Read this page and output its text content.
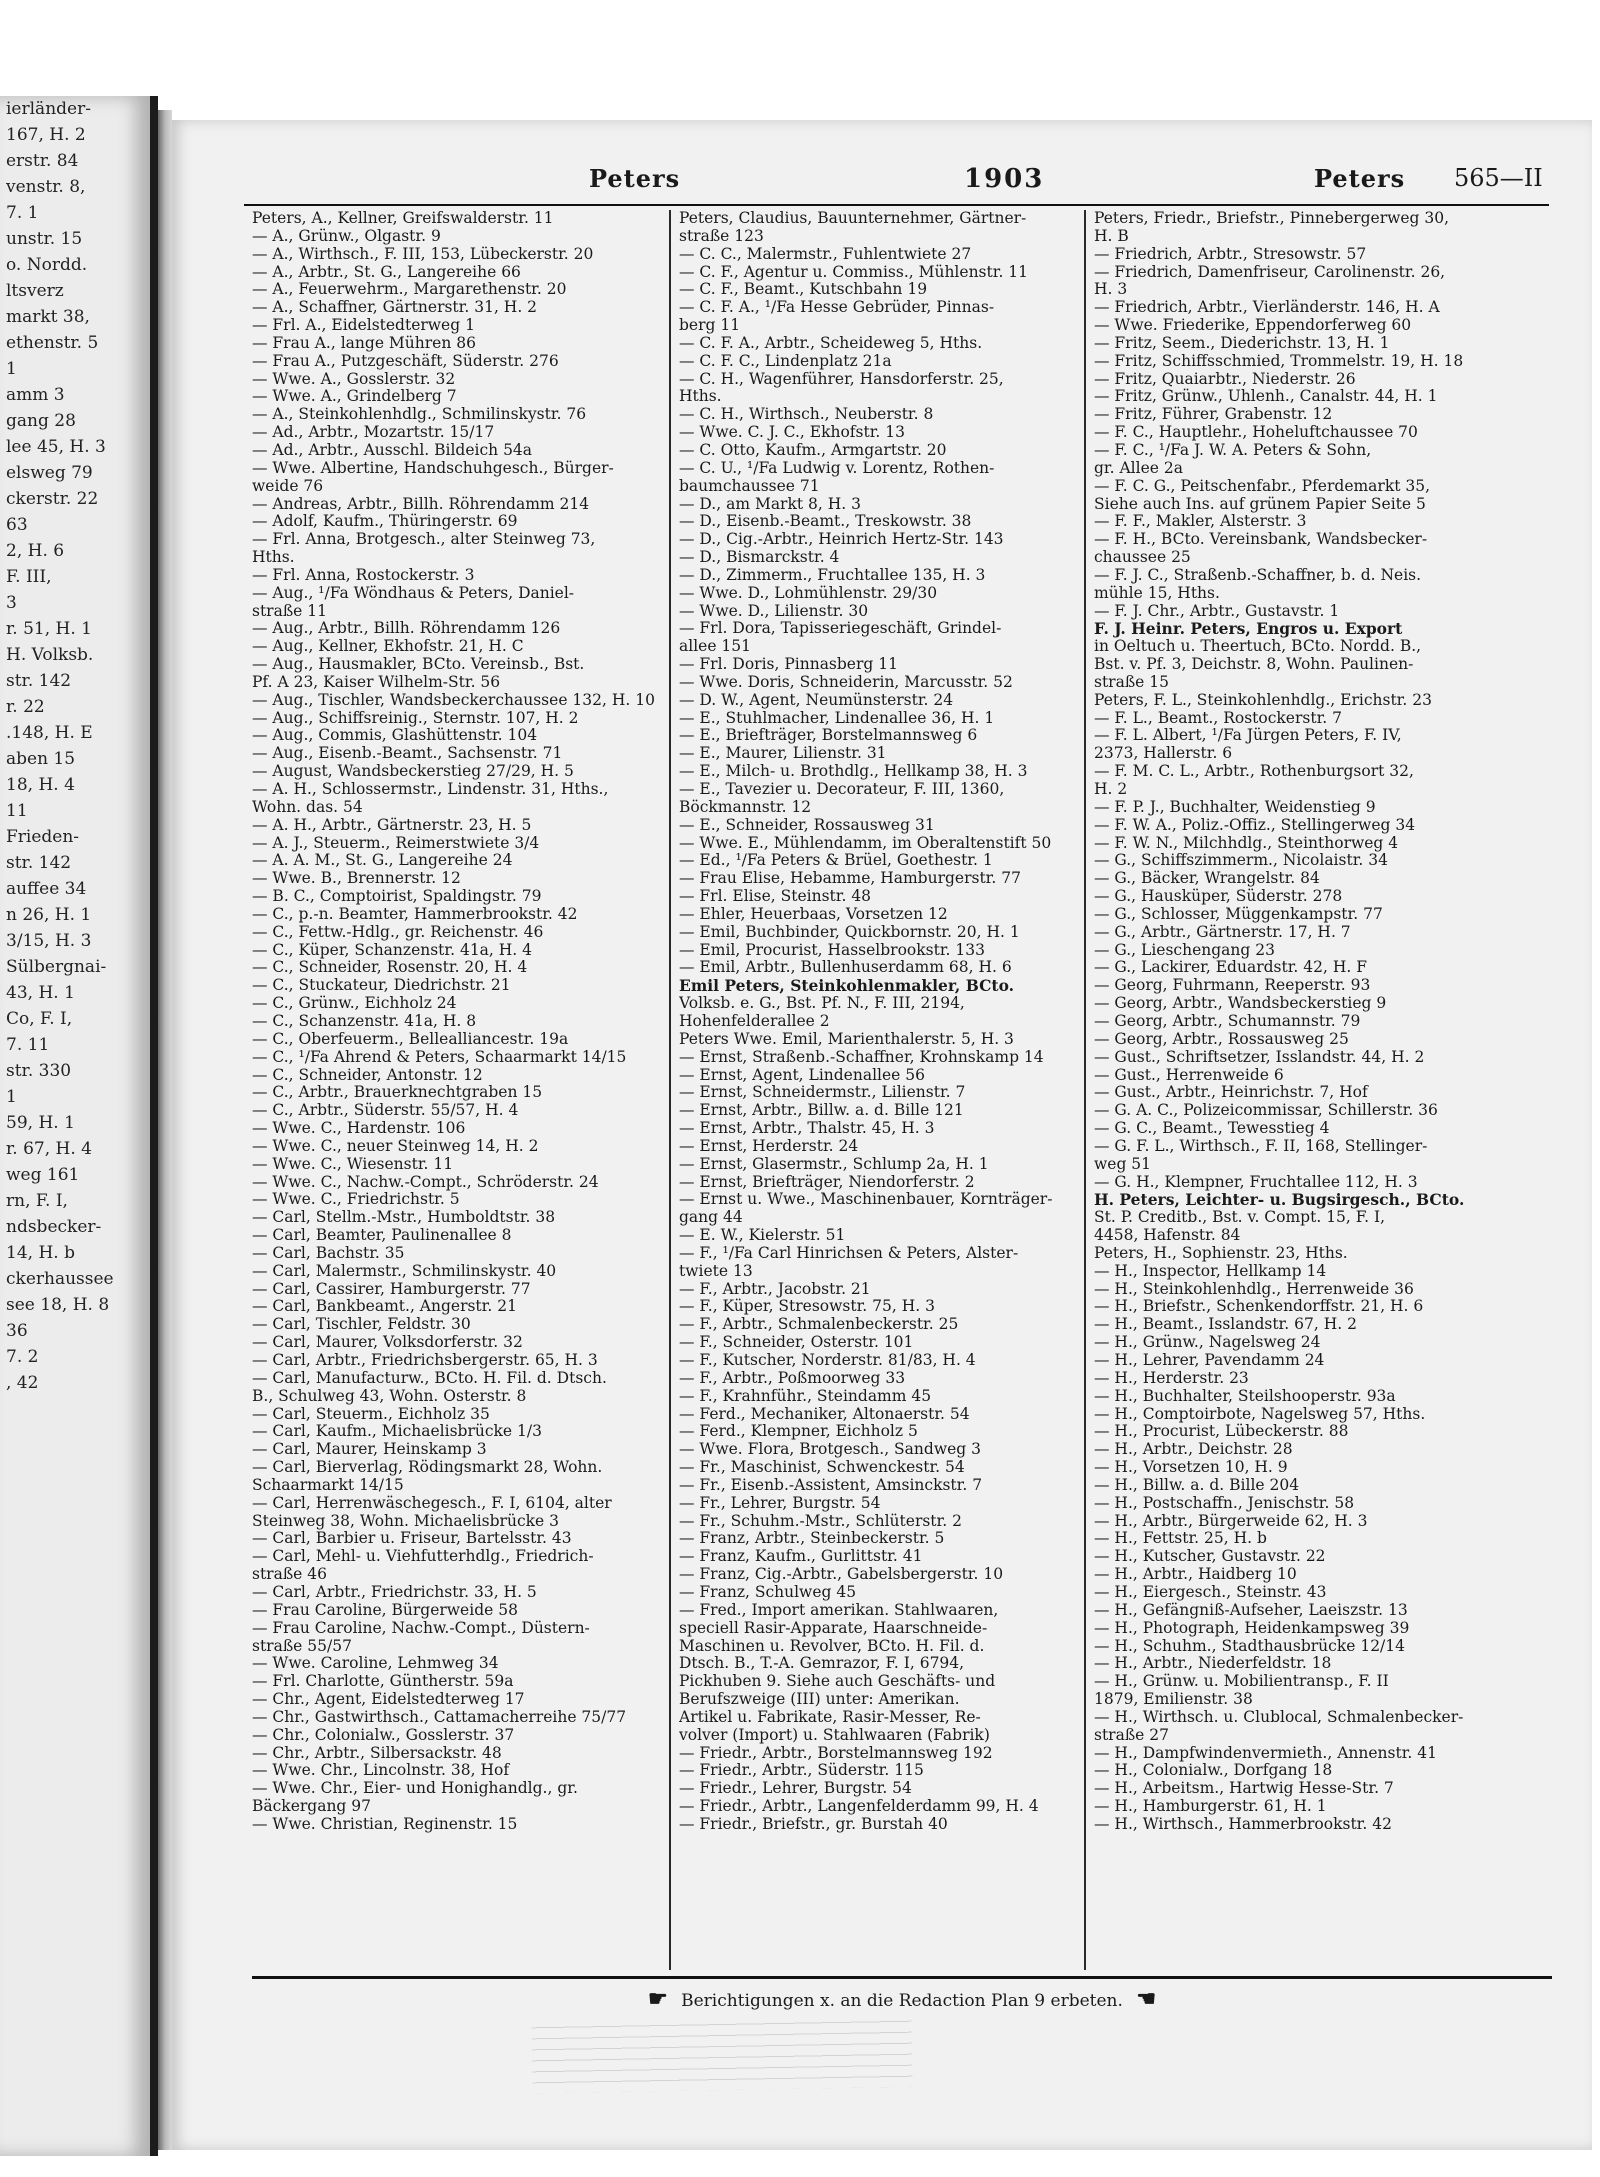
ierländer-
167, H. 2
erstr. 84
venstr. 8,
7. 1
unstr. 15
o. Nordd.
ltsverz
markt 38,
ethenstr. 5
1
amm 3
gang 28
lee 45, H. 3
elsweg 79
ckerstr. 22
63
2, H. 6
F. III,
3
r. 51, H. 1
H. Volksb.
str. 142
r. 22
.148, H. E
aben 15
18, H. 4
11
Frieden-
str. 142
auffee 34
n 26, H. 1
3/15, H. 3
Sülbergnai-
43, H. 1
Co, F. I,
7. 11
str. 330
1
59, H. 1
r. 67, H. 4
weg 161
rn, F. I,
ndsbecker-
14, H. b
ckerhaussee
see 18, H. 8
36
7. 2
, 42
Peters	1903	Peters 565—II
Peters, A., Kellner, Greifswalderstr. 11
— A., Grünw., Olgastr. 9
— A., Wirthsch., F. III, 153, Lübeckerstr. 20
— A., Arbtr., St. G., Langereihe 66
— A., Feuerwehrm., Margarethenstr. 20
— A., Schaffner, Gärtnerstr. 31, H. 2
— Frl. A., Eidelstedterweg 1
— Frau A., lange Mühren 86
— Frau A., Putzgeschäft, Süderstr. 276
— Wwe. A., Gosslerstr. 32
— Wwe. A., Grindelberg 7
— A., Steinkohlenhdlg., Schmilinskystr. 76
— Ad., Arbtr., Mozartstr. 15/17
— Ad., Arbtr., Ausschl. Bildeich 54a
— Wwe. Albertine, Handschuhgesch., Bürger-
weide 76
— Andreas, Arbtr., Billh. Röhrendamm 214
— Adolf, Kaufm., Thüringerstr. 69
— Frl. Anna, Brotgesch., alter Steinweg 73,
Hths.
— Frl. Anna, Rostockerstr. 3
— Aug., ¹/Fa Wöndhaus & Peters, Daniel-
straße 11
— Aug., Arbtr., Billh. Röhrendamm 126
— Aug., Kellner, Ekhofstr. 21, H. C
— Aug., Hausmakler, BCto. Vereinsb., Bst.
Pf. A 23, Kaiser Wilhelm-Str. 56
— Aug., Tischler, Wandsbeckerchaussee 132, H. 10
— Aug., Schiffsreinig., Sternstr. 107, H. 2
— Aug., Commis, Glashüttenstr. 104
— Aug., Eisenb.-Beamt., Sachsenstr. 71
— August, Wandsbeckerstieg 27/29, H. 5
— A. H., Schlossermstr., Lindenstr. 31, Hths.,
Wohn. das. 54
— A. H., Arbtr., Gärtnerstr. 23, H. 5
— A. J., Steuerm., Reimerstwiete 3/4
— A. A. M., St. G., Langereihe 24
— Wwe. B., Brennerstr. 12
— B. C., Comptoirist, Spaldingstr. 79
— C., p.-n. Beamter, Hammerbrookstr. 42
— C., Fettw.-Hdlg., gr. Reichenstr. 46
— C., Küper, Schanzenstr. 41a, H. 4
— C., Schneider, Rosenstr. 20, H. 4
— C., Stuckateur, Diedrichstr. 21
— C., Grünw., Eichholz 24
— C., Schanzenstr. 41a, H. 8
— C., Oberfeuerm., Bellealliancestr. 19a
— C., ¹/Fa Ahrend & Peters, Schaarmarkt 14/15
— C., Schneider, Antonstr. 12
— C., Arbtr., Brauerknechtgraben 15
— C., Arbtr., Süderstr. 55/57, H. 4
— Wwe. C., Hardenstr. 106
— Wwe. C., neuer Steinweg 14, H. 2
— Wwe. C., Wiesenstr. 11
— Wwe. C., Nachw.-Compt., Schröderstr. 24
— Wwe. C., Friedrichstr. 5
— Carl, Stellm.-Mstr., Humboldtstr. 38
— Carl, Beamter, Paulinenallee 8
— Carl, Bachstr. 35
— Carl, Malermstr., Schmilinskystr. 40
— Carl, Cassirer, Hamburgerstr. 77
— Carl, Bankbeamt., Angerstr. 21
— Carl, Tischler, Feldstr. 30
— Carl, Maurer, Volksdorferstr. 32
— Carl, Arbtr., Friedrichsbergerstr. 65, H. 3
— Carl, Manufacturw., BCto. H. Fil. d. Dtsch.
B., Schulweg 43, Wohn. Osterstr. 8
— Carl, Steuerm., Eichholz 35
— Carl, Kaufm., Michaelisbrücke 1/3
— Carl, Maurer, Heinskamp 3
— Carl, Bierverlag, Rödingsmarkt 28, Wohn.
Schaarmarkt 14/15
— Carl, Herrenwäschegesch., F. I, 6104, alter
Steinweg 38, Wohn. Michaelisbrücke 3
— Carl, Barbier u. Friseur, Bartelsstr. 43
— Carl, Mehl- u. Viehfutterhdlg., Friedrich-
straße 46
— Carl, Arbtr., Friedrichstr. 33, H. 5
— Frau Caroline, Bürgerweide 58
— Frau Caroline, Nachw.-Compt., Düstern-
straße 55/57
— Wwe. Caroline, Lehmweg 34
— Frl. Charlotte, Güntherstr. 59a
— Chr., Agent, Eidelstedterweg 17
— Chr., Gastwirthsch., Cattamacherreihe 75/77
— Chr., Colonialw., Gosslerstr. 37
— Chr., Arbtr., Silbersackstr. 48
— Wwe. Chr., Lincolnstr. 38, Hof
— Wwe. Chr., Eier- und Honighandlg., gr.
Bäckergang 97
— Wwe. Christian, Reginenstr. 15
Peters, Claudius, Bauunternehmer, Gärtner-
straße 123
— C. C., Malermstr., Fuhlentwiete 27
— C. F., Agentur u. Commiss., Mühlenstr. 11
— C. F., Beamt., Kutschbahn 19
— C. F. A., ¹/Fa Hesse Gebrüder, Pinnas-
berg 11
— C. F. A., Arbtr., Scheideweg 5, Hths.
— C. F. C., Lindenplatz 21a
— C. H., Wagenführer, Hansdorferstr. 25,
Hths.
— C. H., Wirthsch., Neuberstr. 8
— Wwe. C. J. C., Ekhofstr. 13
— C. Otto, Kaufm., Armgartstr. 20
— C. U., ¹/Fa Ludwig v. Lorentz, Rothen-
baumchaussee 71
— D., am Markt 8, H. 3
— D., Eisenb.-Beamt., Treskowstr. 38
— D., Cig.-Arbtr., Heinrich Hertz-Str. 143
— D., Bismarckstr. 4
— D., Zimmerm., Fruchtallee 135, H. 3
— Wwe. D., Lohmühlenstr. 29/30
— Wwe. D., Lilienstr. 30
— Frl. Dora, Tapisseriegeschäft, Grindel-
allee 151
— Frl. Doris, Pinnasberg 11
— Wwe. Doris, Schneiderin, Marcusstr. 52
— D. W., Agent, Neumünsterstr. 24
— E., Stuhlmacher, Lindenallee 36, H. 1
— E., Briefträger, Borstelmannsweg 6
— E., Maurer, Lilienstr. 31
— E., Milch- u. Brothdlg., Hellkamp 38, H. 3
— E., Tavezier u. Decorateur, F. III, 1360,
Böckmannstr. 12
— E., Schneider, Rossausweg 31
— Wwe. E., Mühlendamm, im Oberaltenstift 50
— Ed., ¹/Fa Peters & Brüel, Goethestr. 1
— Frau Elise, Hebamme, Hamburgerstr. 77
— Frl. Elise, Steinstr. 48
— Ehler, Heuerbaas, Vorsetzen 12
— Emil, Buchbinder, Quickbornstr. 20, H. 1
— Emil, Procurist, Hasselbrookstr. 133
— Emil, Arbtr., Bullenhuserdamm 68, H. 6
Emil Peters, Steinkohlenmakler, BCto.
Volksb. e. G., Bst. Pf. N., F. III, 2194,
Hohenfelderallee 2
Peters Wwe. Emil, Marienthalerstr. 5, H. 3
— Ernst, Straßenb.-Schaffner, Krohnskamp 14
— Ernst, Agent, Lindenallee 56
— Ernst, Schneidermstr., Lilienstr. 7
— Ernst, Arbtr., Billw. a. d. Bille 121
— Ernst, Arbtr., Thalstr. 45, H. 3
— Ernst, Herderstr. 24
— Ernst, Glasermstr., Schlump 2a, H. 1
— Ernst, Briefträger, Niendorferstr. 2
— Ernst u. Wwe., Maschinenbauer, Kornträger-
gang 44
— E. W., Kielerstr. 51
— F., ¹/Fa Carl Hinrichsen & Peters, Alster-
twiete 13
— F., Arbtr., Jacobstr. 21
— F., Küper, Stresowstr. 75, H. 3
— F., Arbtr., Schmalenbeckerstr. 25
— F., Schneider, Osterstr. 101
— F., Kutscher, Norderstr. 81/83, H. 4
— F., Arbtr., Poßmoorweg 33
— F., Krahnführ., Steindamm 45
— Ferd., Mechaniker, Altonaerstr. 54
— Ferd., Klempner, Eichholz 5
— Wwe. Flora, Brotgesch., Sandweg 3
— Fr., Maschinist, Schwenckestr. 54
— Fr., Eisenb.-Assistent, Amsinckstr. 7
— Fr., Lehrer, Burgstr. 54
— Fr., Schuhm.-Mstr., Schlüterstr. 2
— Franz, Arbtr., Steinbeckerstr. 5
— Franz, Kaufm., Gurlittstr. 41
— Franz, Cig.-Arbtr., Gabelsbergerstr. 10
— Franz, Schulweg 45
— Fred., Import amerikan. Stahlwaaren,
speciell Rasir-Apparate, Haarschneide-
Maschinen u. Revolver, BCto. H. Fil. d.
Dtsch. B., T.-A. Gemrazor, F. I, 6794,
Pickhuben 9. Siehe auch Geschäfts- und
Berufszweige (III) unter: Amerikan.
Artikel u. Fabrikate, Rasir-Messer, Re-
volver (Import) u. Stahlwaaren (Fabrik)
— Friedr., Arbtr., Borstelmannsweg 192
— Friedr., Arbtr., Süderstr. 115
— Friedr., Lehrer, Burgstr. 54
— Friedr., Arbtr., Langenfelderdamm 99, H. 4
— Friedr., Briefstr., gr. Burstah 40
Peters, Friedr., Briefstr., Pinnebergerweg 30,
H. B
— Friedrich, Arbtr., Stresowstr. 57
— Friedrich, Damenfriseur, Carolinenstr. 26,
H. 3
— Friedrich, Arbtr., Vierländerstr. 146, H. A
— Wwe. Friederike, Eppendorferweg 60
— Fritz, Seem., Diederichstr. 13, H. 1
— Fritz, Schiffsschmied, Trommelstr. 19, H. 18
— Fritz, Quaiarbtr., Niederstr. 26
— Fritz, Grünw., Uhlenh., Canalstr. 44, H. 1
— Fritz, Führer, Grabenstr. 12
— F. C., Hauptlehr., Hoheluftchaussee 70
— F. C., ¹/Fa J. W. A. Peters & Sohn,
gr. Allee 2a
— F. C. G., Peitschenfabr., Pferdemarkt 35,
Siehe auch Ins. auf grünem Papier Seite 5
— F. F., Makler, Alsterstr. 3
— F. H., BCto. Vereinsbank, Wandsbecker-
chaussee 25
— F. J. C., Straßenb.-Schaffner, b. d. Neis.
mühle 15, Hths.
— F. J. Chr., Arbtr., Gustavstr. 1
F. J. Heinr. Peters, Engros u. Export
in Oeltuch u. Theertuch, BCto. Nordd. B.,
Bst. v. Pf. 3, Deichstr. 8, Wohn. Paulinen-
straße 15
Peters, F. L., Steinkohlenhdlg., Erichstr. 23
— F. L., Beamt., Rostockerstr. 7
— F. L. Albert, ¹/Fa Jürgen Peters, F. IV,
2373, Hallerstr. 6
— F. M. C. L., Arbtr., Rothenburgsort 32,
H. 2
— F. P. J., Buchhalter, Weidenstieg 9
— F. W. A., Poliz.-Offiz., Stellingerweg 34
— F. W. N., Milchhdlg., Steinthorweg 4
— G., Schiffszimmerm., Nicolaistr. 34
— G., Bäcker, Wrangelstr. 84
— G., Hausküper, Süderstr. 278
— G., Schlosser, Müggenkampstr. 77
— G., Arbtr., Gärtnerstr. 17, H. 7
— G., Lieschengang 23
— G., Lackirer, Eduardstr. 42, H. F
— Georg, Fuhrmann, Reeperstr. 93
— Georg, Arbtr., Wandsbeckerstieg 9
— Georg, Arbtr., Schumannstr. 79
— Georg, Arbtr., Rossausweg 25
— Gust., Schriftsetzer, Isslandstr. 44, H. 2
— Gust., Herrenweide 6
— Gust., Arbtr., Heinrichstr. 7, Hof
— G. A. C., Polizeicommissar, Schillerstr. 36
— G. C., Beamt., Tewesstieg 4
— G. F. L., Wirthsch., F. II, 168, Stellinger-
weg 51
— G. H., Klempner, Fruchtallee 112, H. 3
H. Peters, Leichter- u. Bugsirgesch., BCto.
St. P. Creditb., Bst. v. Compt. 15, F. I,
4458, Hafenstr. 84
Peters, H., Sophienstr. 23, Hths.
— H., Inspector, Hellkamp 14
— H., Steinkohlenhdlg., Herrenweide 36
— H., Briefstr., Schenkendorffstr. 21, H. 6
— H., Beamt., Isslandstr. 67, H. 2
— H., Grünw., Nagelsweg 24
— H., Lehrer, Pavendamm 24
— H., Herderstr. 23
— H., Buchhalter, Steilshooperstr. 93a
— H., Comptoirbote, Nagelsweg 57, Hths.
— H., Procurist, Lübeckerstr. 88
— H., Arbtr., Deichstr. 28
— H., Vorsetzen 10, H. 9
— H., Billw. a. d. Bille 204
— H., Postschaffn., Jenischstr. 58
— H., Arbtr., Bürgerweide 62, H. 3
— H., Fettstr. 25, H. b
— H., Kutscher, Gustavstr. 22
— H., Arbtr., Haidberg 10
— H., Eiergesch., Steinstr. 43
— H., Gefängniß-Aufseher, Laeiszstr. 13
— H., Photograph, Heidenkampsweg 39
— H., Schuhm., Stadthausbrücke 12/14
— H., Arbtr., Niederfeldstr. 18
— H., Grünw. u. Mobilientransp., F. II
1879, Emilienstr. 38
— H., Wirthsch. u. Clublocal, Schmalenbecker-
straße 27
— H., Dampfwindenvermieth., Annenstr. 41
— H., Colonialw., Dorfgang 18
— H., Arbeitsm., Hartwig Hesse-Str. 7
— H., Hamburgerstr. 61, H. 1
— H., Wirthsch., Hammerbrookstr. 42
☛ Berichtigungen x. an die Redaction Plan 9 erbeten. ☚
